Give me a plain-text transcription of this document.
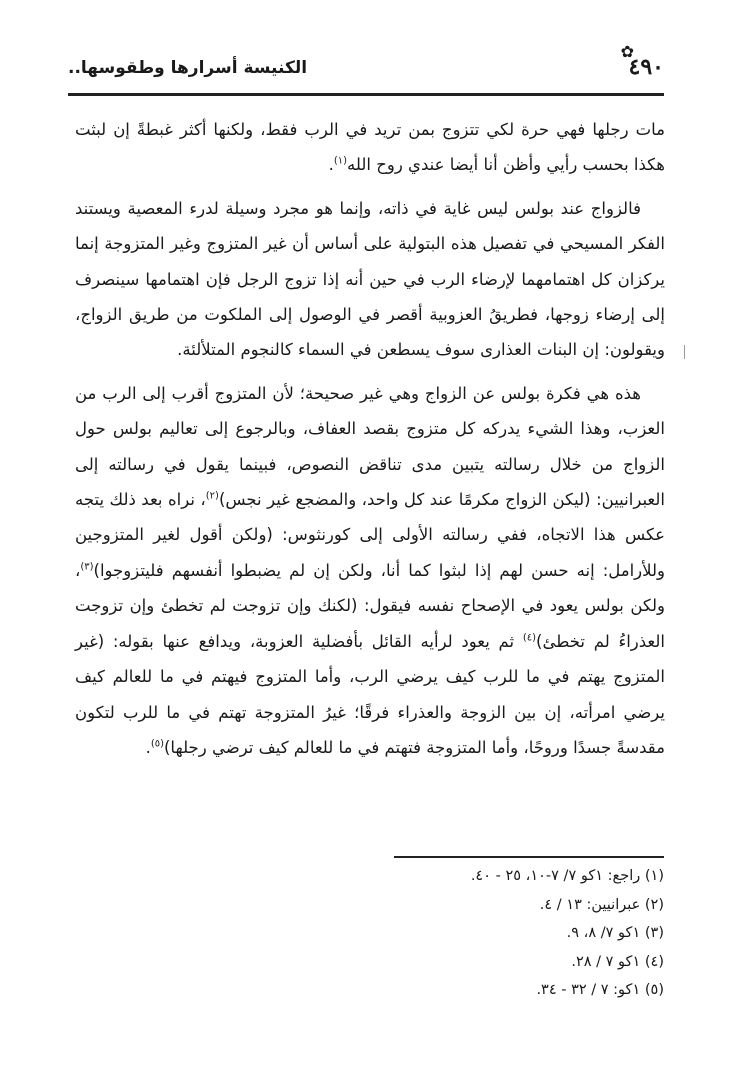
٤٩٠
✿
الكنيسة أسرارها وطقوسها..

مات رجلها فهي حرة لكي تتزوج بمن تريد في الرب فقط، ولكنها أكثر غبطةً إن لبثت هكذا بحسب رأيي وأظن أنا أيضا عندي روح الله$^{(١)}$.

فالزواج عند بولس ليس غاية في ذاته، وإنما هو مجرد وسيلة لدرء المعصية ويستند الفكر المسيحي في تفصيل هذه البتولية على أساس أن غير المتزوج وغير المتزوجة إنما يركزان كل اهتمامهما لإرضاء الرب في حين أنه إذا تزوج الرجل فإن اهتمامها سينصرف إلى إرضاء زوجها، فطريقُ العزوبية أقصر في الوصول إلى الملكوت من طريق الزواج، ويقولون: إن البنات العذارى سوف يسطعن في السماء كالنجوم المتلألئة.

هذه هي فكرة بولس عن الزواج وهي غير صحيحة؛ لأن المتزوج أقرب إلى الرب من العزب، وهذا الشيء يدركه كل متزوج بقصد العفاف، وبالرجوع إلى تعاليم بولس حول الزواج من خلال رسالته يتبين مدى تناقض النصوص، فبينما يقول في رسالته إلى العبرانيين: (ليكن الزواج مكرمًا عند كل واحد، والمضجع غير نجس)$^{(٢)}$، نراه بعد ذلك يتجه عكس هذا الاتجاه، ففي رسالته الأولى إلى كورنثوس: (ولكن أقول لغير المتزوجين وللأرامل: إنه حسن لهم إذا لبثوا كما أنا، ولكن إن لم يضبطوا أنفسهم فليتزوجوا)$^{(٣)}$، ولكن بولس يعود في الإصحاح نفسه فيقول: (لكنك وإن تزوجت لم تخطئ وإن تزوجت العذراءُ لم تخطئ)$^{(٤)}$ ثم يعود لرأيه القائل بأفضلية العزوبة، ويدافع عنها بقوله: (غير المتزوج يهتم في ما للرب كيف يرضي الرب، وأما المتزوج فيهتم في ما للعالم كيف يرضي امرأته، إن بين الزوجة والعذراء فرقًا؛ غيرُ المتزوجة تهتم في ما للرب لتكون مقدسةً جسدًا وروحًا، وأما المتزوجة فتهتم في ما للعالم كيف ترضي رجلها)$^{(٥)}$.

(١) راجع: ١كو ٧/ ٧-١٠، ٢٥ - ٤٠.
(٢) عبرانيين: ١٣ / ٤.
(٣) ١كو ٧/ ٨، ٩.
(٤) ١كو ٧ / ٢٨.
(٥) ١كو: ٧ / ٣٢ - ٣٤.
